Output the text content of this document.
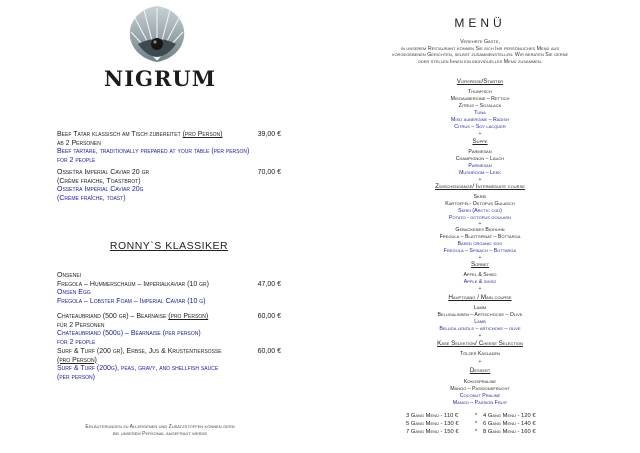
NIGRUM
Beef Tatar klassisch am Tisch zubereitet (pro Person)
ab 2 Personen
Beef tartare, traditionally prepared at your table (per person)
for 2 people
39,00 €
Ossetra Imperial Caviar 20 gr
(Crème fraiche, Toastbrot)
Ossetra Imperial Caviar 20g
(Crème fraîche, toast)
70,00 €
RONNY`S KLASSIKER
Onsenei
Fregola – Hummerschaum – Imperialkaviar (10 gr)
Onsen Egg
Fregola – Lobster Foam – Imperial Caviar (10 g)
47,00 €
Chateaubriand (500 gr) – Bearnaise (pro Person)
für 2 Personen
Chateaubriand (500g) – Béarnaise (per person)
for 2 people
60,00 €
Surf & Turf (200 gr), Erbse, Jus & Krustentiersosse
(pro Person)
Surf & Turf (200g), peas, gravy, and shellfish sauce
(per person)
60,00 €
Erläuterungen zu Allergenen und Zusatzstoffen können gern
bei unserem Personal angefragt werde
MENÜ
Verehrte Gäste,
in unserem Restaurant können Sie sich Ihr persönliches Menü aus
vorgegebenen Gerichten, selbst zusammenstellen. Wir beraten Sie gerne
oder stellen Ihnen ein individuelles Menü zusammen.
Vorspeise/Starter
Thunfisch
Misoaubergine – Rettich
Zitrus – Sojalack
Tuna
Miso aubergine – Radish
Citrus – Soy lacquer
+
Suppe
Parmesan
Champignon – Lauch
Parmesan
Mushroom – Leek
+
Zwischengänge/ Intermediate course
Skrei
Kartoffel- Oktopus Gulasch
Skrei (Arctic cod)
Potato - octopus goulash
+
Gebackenes Biohuhn
Fregula – Blattspinat – Bottarga
Baked organic egg
Fregola – Spinach – Bottarga
+
Sorbet
Apfel & Shiso
Apple & shiso
+
Hauptgang / Main course
Lamm
Belugalinsen – Artischocke – Olive
Lamb
Beluga lentils – artichoke – olive
+
Käse Selektion/ Cheese Selection
Tölzer Kasladen
+
Dessert
Kokospraline
Mango – Passionsfrucht
Coconut Praline
Mango – Passion Fruit
3 Gang Menü - 110 €	* 4 Gang Menü - 120 €
5 Gang Menü - 130 €	* 6 Gang Menü - 140 €
7 Gang Menü - 150 €	* 8 Gang Menü - 160 €
